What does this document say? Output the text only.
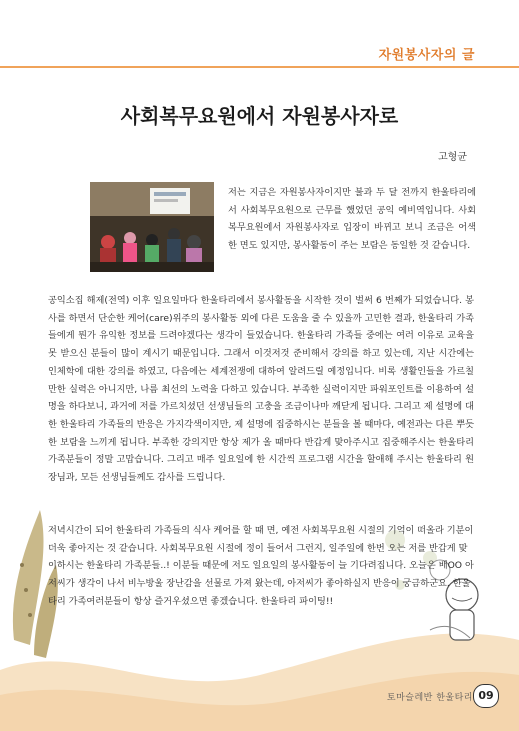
자원봉사자의 글
사회복무요원에서 자원봉사자로
고형균
저는 지금은 자원봉사자이지만 불과 두 달 전까지 한울타리에서 사회복무요원으로 근무를 했었던 공익 예비역입니다. 사회복무요원에서 자원봉사자로 입장이 바뀌고 보니 조금은 어색한 면도 있지만, 봉사활동이 주는 보람은 동일한 것 같습니다.
공익소집 해제(전역) 이후 일요일마다 한울타리에서 봉사활동을 시작한 것이 벌써 6 번째가 되었습니다. 봉사를 하면서 단순한 케어(care)위주의 봉사활동 외에 다른 도움을 줄 수 있을까 고민한 결과, 한울타리 가족들에게 뭔가 유익한 정보를 드려야겠다는 생각이 들었습니다. 한울타리 가족들 중에는 여러 이유로 교육을 못 받으신 분들이 많이 계시기 때문입니다. 그래서 이것저것 준비해서 강의를 하고 있는데, 지난 시간에는 인체학에 대한 강의를 하였고, 다음에는 세계전쟁에 대하여 알려드릴 예정입니다. 비록 생활인들을 가르칠만한 실력은 아니지만, 나름 최선의 노력을 다하고 있습니다. 부족한 실력이지만 파워포인트를 이용하여 설명을 하다보니, 과거에 저를 가르치셨던 선생님들의 고충을 조금이나마 깨닫게 됩니다. 그리고 제 설명에 대한 한울타리 가족들의 반응은 가지각색이지만, 제 설명에 집중하시는 분들을 볼 때마다, 예전과는 다른 뿌듯한 보람을 느끼게 됩니다. 부족한 강의지만 항상 제가 올 때마다 반갑게 맞아주시고 집중해주시는 한울타리 가족분들이 정말 고맙습니다. 그리고 매주 일요일에 한 시간씩 프로그램 시간을 할애해 주시는 한울타리 원장님과, 모든 선생님들께도 감사를 드립니다.
저녁시간이 되어 한울타리 가족들의 식사 케어를 할 때 면, 예전 사회복무요원 시절의 기억이 떠올라 기분이 더욱 좋아지는 것 같습니다. 사회복무요원 시절에 정이 들어서 그런지, 일주일에 한번 오는 저를 반갑게 맞이하시는 한울타리 가족분들..! 이분들 때문에 저도 일요일의 봉사활동이 늘 기다려집니다. 오늘은 배OO 아저씨가 생각이 나서 비누방울 장난감을 선물로 가져 왔는데, 아저씨가 좋아하실지 반응이 궁금하군요. 한울타리 가족여러분들이 항상 즐거우셨으면 좋겠습니다. 한울타리 파이팅!!
토마슬레반 한울타리 09
